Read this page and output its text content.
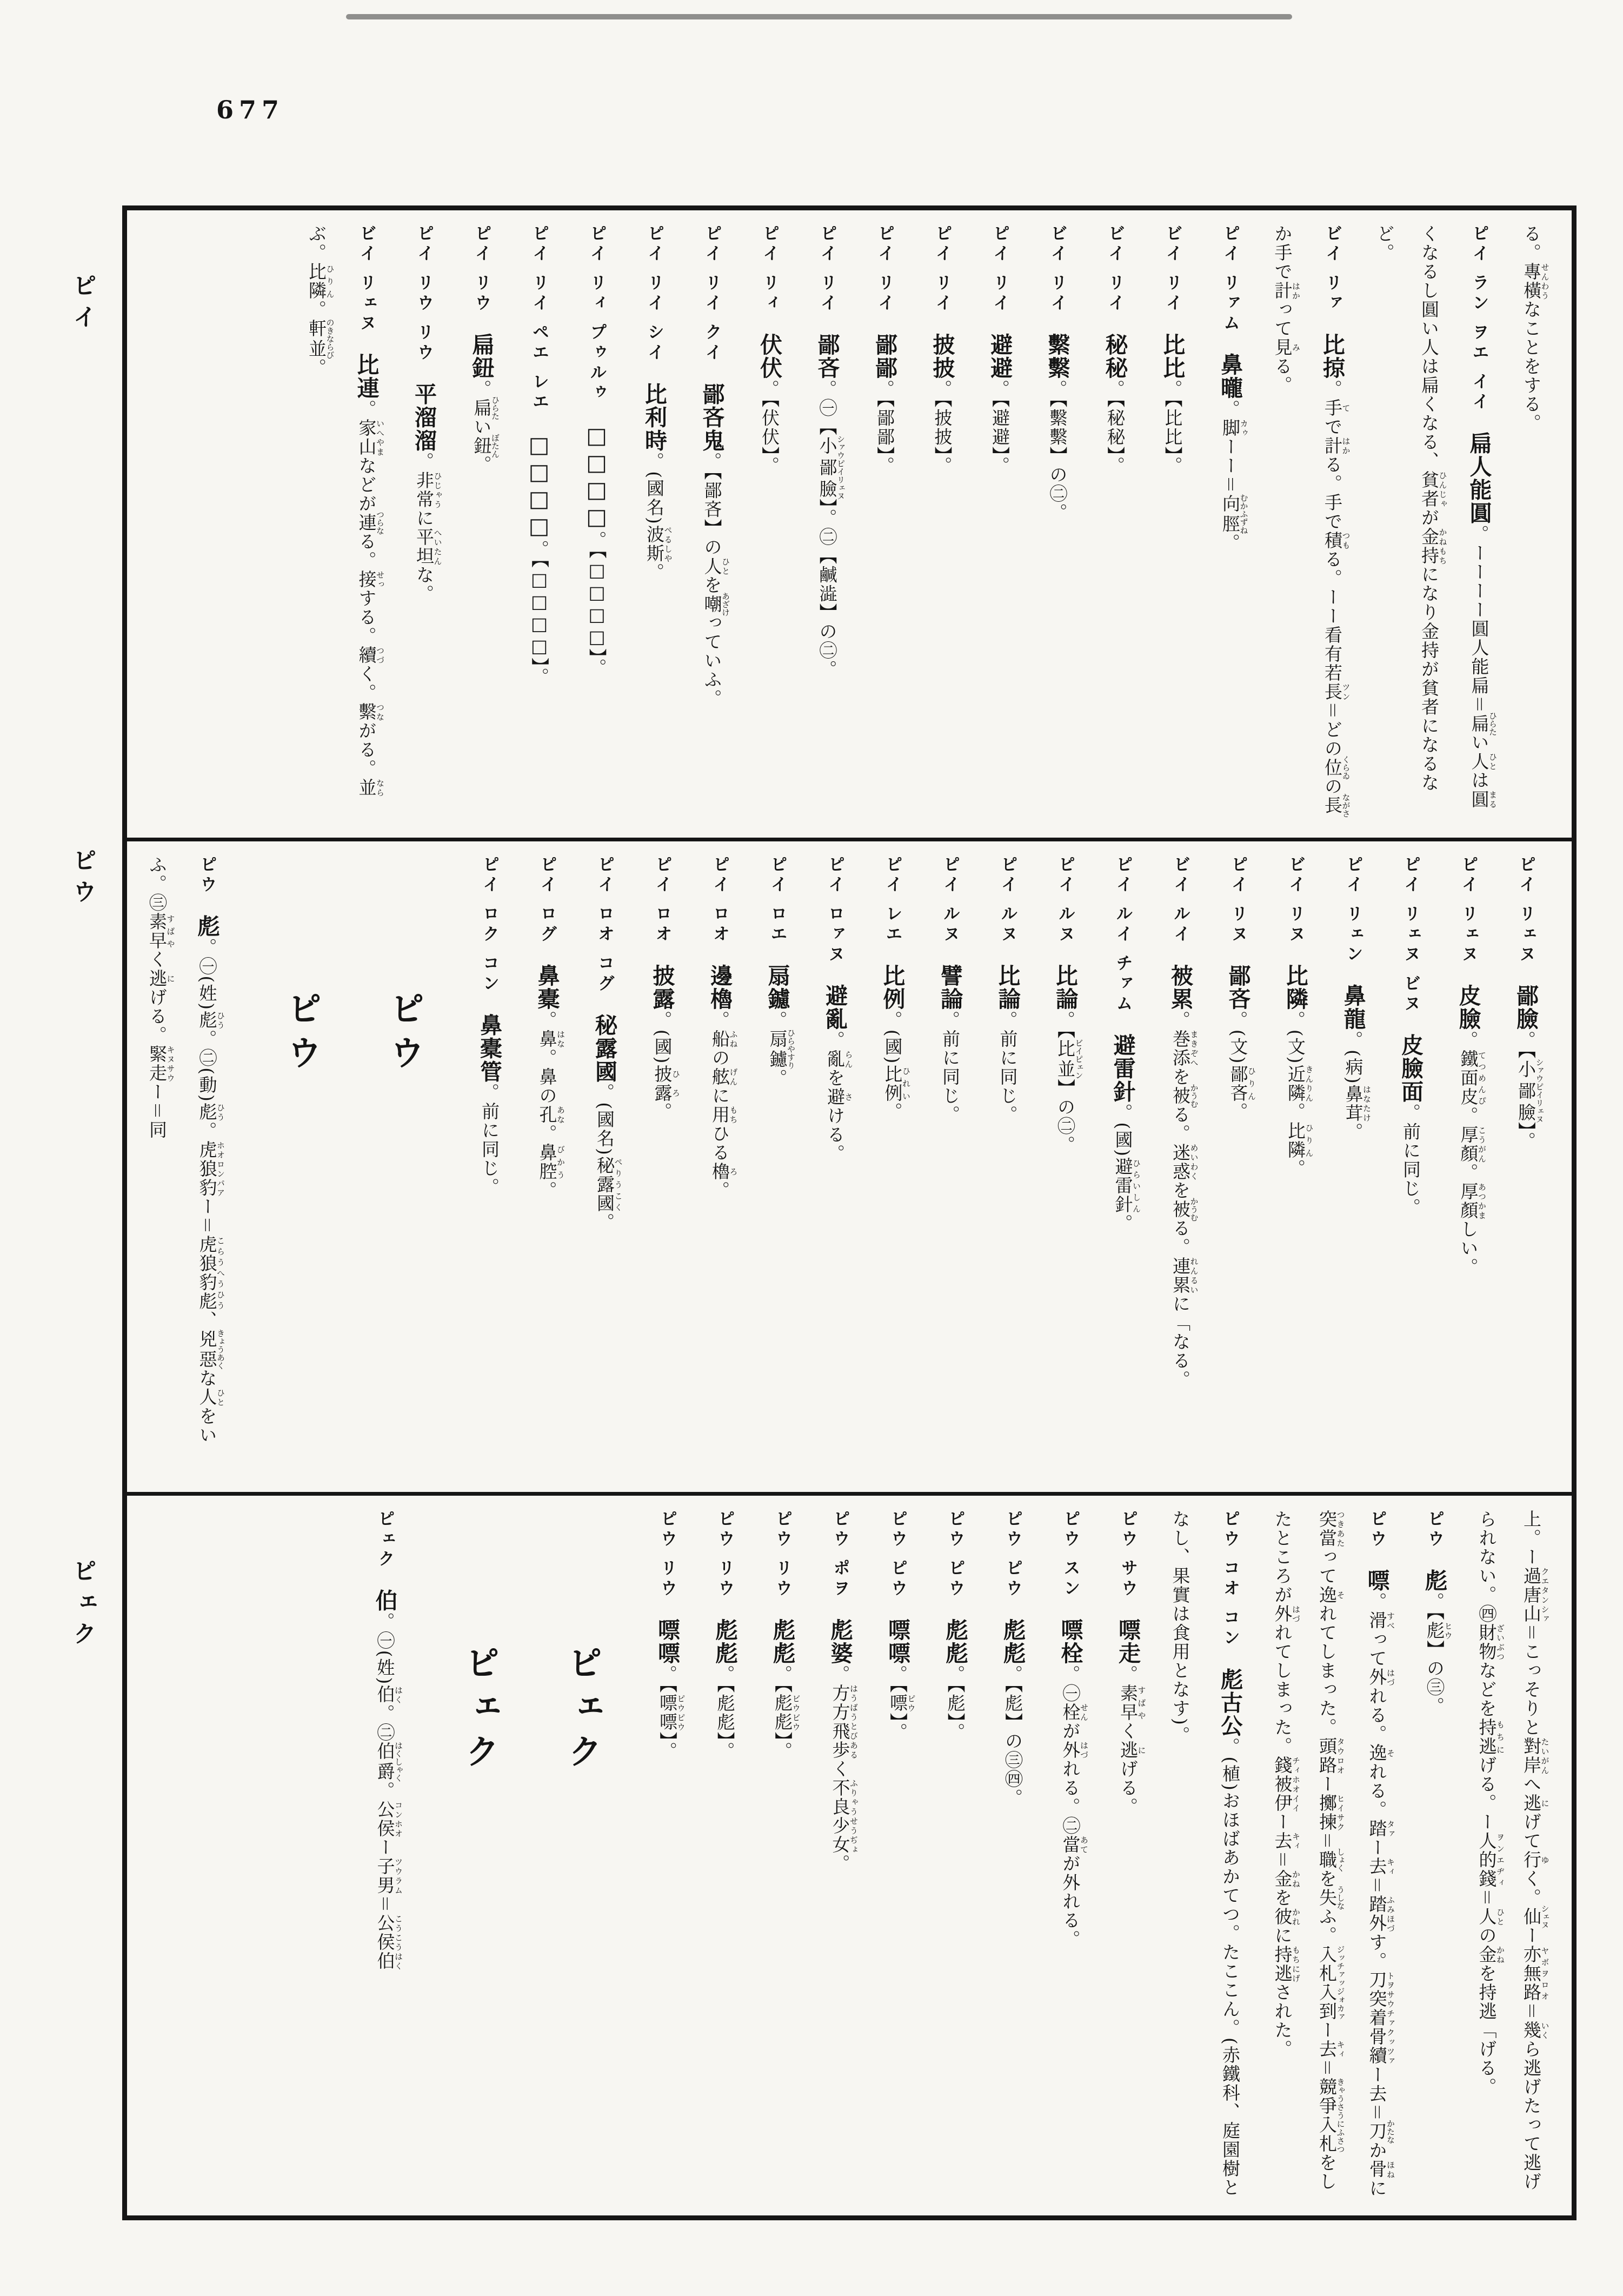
677
ピイ
ピウ
ピェク
る。專橫せんわうなことをする。
ピイ ラン ヲエ イイ　扁人能圓。ーーーー圓人能扁＝扁ひらたい人ひとは圓まるくなるし圓い人は扁くなる、貧者ひんじゃが金持かねもちになり金持が貧者になるなど。
ビイ リァ　比掠。手てで計はかる。手で積つもる。ーー看有若長ツン＝どの位くらゐの長ながさか手で計はかって見みる。
ピイ リァム　鼻曨。脚カゥーー＝向脛むかふずね。
ビイ リイ　比比。【比比】。
ビイ リイ　秘秘。【秘秘】。
ビイ リイ　繫繫。【繫繫】の㊁。
ピイ リイ　避避。【避避】。
ピイ リイ　披披。【披披】。
ピイ リイ　鄙鄙。【鄙鄙】。
ピイ リイ　鄙吝。㊀【小鄙臉シァウピイリェヌ】。㊁【鹹澁】の㊁。
ピイ リィ　伏伏。【伏伏】。
ピイ リイ クイ　鄙吝鬼。【鄙吝】の人ひとを嘲あざけっていふ。
ピイ リイ シイ　比利時。(國名)波斯ぺるしや。
ピイ リィ プゥルゥ　□□□□。【□□□□】。
ピイ リイ ペエ レエ　□□□□。【□□□□】。
ピイ リウ　扁鈕。扁ひらたい鈕ぼたん。
ピイ リウ リウ　平溜溜。非常ひじゃうに平坦へいたんな。
ビイ リェヌ　比連。家いへ山やまなどが連つらなる。接せっする。續つづく。繫つながる。並ならぶ。比隣ひりん。軒並のきならび。
ピイ リェヌ　鄙臉。【小鄙臉シァウピイリェヌ】。
ピイ リェヌ　皮臉。鐵面皮てつめんぴ。厚顏こうがん。厚顏あつかましい。
ピイ リェヌ ビヌ　皮臉面。前に同じ。
ピイ リェン　鼻龍。(病)鼻茸はなたけ。
ビイ リヌ　比隣。(文)近隣きんりん。比隣ひりん。
ピイ リヌ　鄙吝。(文)鄙吝ひりん。
ビイ ルイ　被累。巻添まきぞへを被かうむる。迷惑めいわくを被かうむる。連累れんるいに「なる。
ピイ ルイ チァム　避雷針。(國)避雷針ひらいしん。
ピイ ルヌ　比論。【比並ビイピェン】の㊁。
ピイ ルヌ　比論。前に同じ。
ピイ ルヌ　譬論。前に同じ。
ピイ レエ　比例。(國)比例ひれい。
ピイ ロァヌ　避亂。亂らんを避さける。
ピイ ロエ　扇鑢。扇鑢ひらやすり。
ピイ ロオ　邊櫓。船ふねの舷げんに用もちひる櫓ろ。
ピイ ロオ　披露。(國)披露ひろ。
ピイ ロオ コグ　秘露國。(國名)秘露國ぺりうこく。
ピイ ログ　鼻橐。鼻はな。鼻の孔あな。鼻腔びかう。
ピイ ロク コン　鼻橐管。前に同じ。
ピウ
ピウ
ピウ　彪。㊀(姓)彪ひう。㊁(動)彪ひう。虎狼豹ホオロンパアー＝虎狼豹彪こらうへうひう、兇惡きょうあくな人ひとをいふ。㊂素早すばやく逃にげる。緊走キヌサウー＝同
上。ー過唐山クエタンシァ＝こっそりと對岸たいがんへ逃にげて行ゆく。仙シェヌー亦無路ヤボヲロオ＝幾いくら逃げたって逃げられない。㊃財物ざいぶつなどを持逃もちにげる。ー人的錢ヲンエヂィ＝人ひとの金かねを持逃「げる。
ピウ　彪。【彪ヒウ】の㊂。
ピウ　嘌。滑すべって外はづれる。逸それる。踏タァー去キィ＝踏外ふみほづす。刀トヲ突着骨續サウチァクッツァー去＝刀かたなか骨ほねに突當つきあたって逸それてしまった。頭路タウロオー擲揀ヒイサク＝職しょくを失うしなふ。入札入到ジッチァッジォカァー去キィ＝競爭入札きゃうさうにふさつをしたところが外はづれてしまった。錢チィ被伊ホオイイー去キィ＝金かねを彼かれに持逃もちにげされた。
ピウ コオ コン　彪古公。(植)おほばあかてつ。たここん。(赤鐵科、庭園樹となし、果實は食用となす)。
ピウ サウ　嘌走。素早すばやく逃にげる。
ピウ スン　嘌栓。㊀栓せんが外はづれる。㊁當あてが外れる。
ピウ ピウ　彪彪。【彪】の㊂㊃。
ピウ ピウ　彪彪。【彪】。
ピウ ピウ　嘌嘌。【嘌ピウ】。
ピウ ポヲ　彪婆。方方はうばう飛歩とびあるく不良少女ふりゃうせうぢょ。
ピウ リウ　彪彪。【彪彪ビウビウ】。
ピウ リウ　彪彪。【彪彪】。
ピウ リウ　嘌嘌。【嘌嘌ピウピウ】。
ピェク
ピェク
ピェク　伯。㊀(姓)伯はく。㊁伯爵はくしゃく。公侯コンホオー子男ツウラム＝公侯伯こうこうはく
